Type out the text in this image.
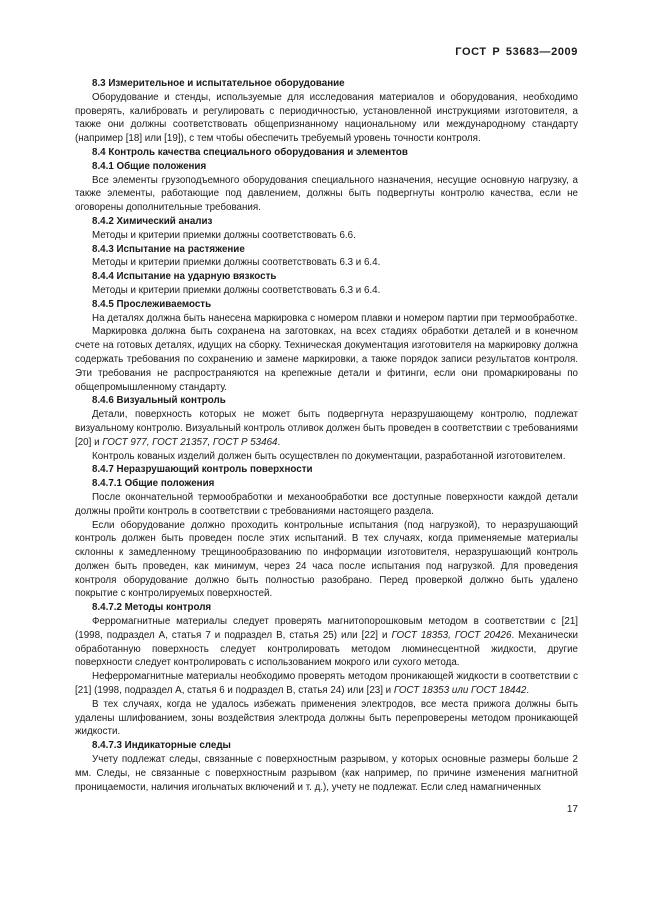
ГОСТ Р 53683—2009

8.3 Измерительное и испытательное оборудование

Оборудование и стенды, используемые для исследования материалов и оборудования, необходимо проверять, калибровать и регулировать с периодичностью, установленной инструкциями изготовителя, а также они должны соответствовать общепризнанному национальному или международному стандарту (например [18] или [19]), с тем чтобы обеспечить требуемый уровень точности контроля.

8.4 Контроль качества специального оборудования и элементов

8.4.1 Общие положения

Все элементы грузоподъемного оборудования специального назначения, несущие основную нагрузку, а также элементы, работающие под давлением, должны быть подвергнуты контролю качества, если не оговорены дополнительные требования.

8.4.2 Химический анализ

Методы и критерии приемки должны соответствовать 6.6.

8.4.3 Испытание на растяжение

Методы и критерии приемки должны соответствовать 6.3 и 6.4.

8.4.4 Испытание на ударную вязкость

Методы и критерии приемки должны соответствовать 6.3 и 6.4.

8.4.5 Прослеживаемость

На деталях должна быть нанесена маркировка с номером плавки и номером партии при термообработке.

Маркировка должна быть сохранена на заготовках, на всех стадиях обработки деталей и в конечном счете на готовых деталях, идущих на сборку. Техническая документация изготовителя на маркировку должна содержать требования по сохранению и замене маркировки, а также порядок записи результатов контроля. Эти требования не распространяются на крепежные детали и фитинги, если они промаркированы по общепромышленному стандарту.

8.4.6 Визуальный контроль

Детали, поверхность которых не может быть подвергнута неразрушающему контролю, подлежат визуальному контролю. Визуальный контроль отливок должен быть проведен в соответствии с требованиями [20] и ГОСТ 977, ГОСТ 21357, ГОСТ Р 53464.

Контроль кованых изделий должен быть осуществлен по документации, разработанной изготовителем.

8.4.7 Неразрушающий контроль поверхности

8.4.7.1 Общие положения

После окончательной термообработки и механообработки все доступные поверхности каждой детали должны пройти контроль в соответствии с требованиями настоящего раздела.

Если оборудование должно проходить контрольные испытания (под нагрузкой), то неразрушающий контроль должен быть проведен после этих испытаний. В тех случаях, когда применяемые материалы склонны к замедленному трещинообразованию по информации изготовителя, неразрушающий контроль должен быть проведен, как минимум, через 24 часа после испытания под нагрузкой. Для проведения контроля оборудование должно быть полностью разобрано. Перед проверкой должно быть удалено покрытие с контролируемых поверхностей.

8.4.7.2 Методы контроля

Ферромагнитные материалы следует проверять магнитопорошковым методом в соответствии с [21] (1998, подраздел А, статья 7 и подраздел В, статья 25) или [22] и ГОСТ 18353, ГОСТ 20426. Механически обработанную поверхность следует контролировать методом люминесцентной жидкости, другие поверхности следует контролировать с использованием мокрого или сухого метода.

Неферромагнитные материалы необходимо проверять методом проникающей жидкости в соответствии с [21] (1998, подраздел А, статья 6 и подраздел В, статья 24) или [23] и ГОСТ 18353 или ГОСТ 18442.

В тех случаях, когда не удалось избежать применения электродов, все места прижога должны быть удалены шлифованием, зоны воздействия электрода должны быть перепроверены методом проникающей жидкости.

8.4.7.3 Индикаторные следы

Учету подлежат следы, связанные с поверхностным разрывом, у которых основные размеры больше 2 мм. Следы, не связанные с поверхностным разрывом (как например, по причине изменения магнитной проницаемости, наличия игольчатых включений и т. д.), учету не подлежат. Если след намагниченных

17
